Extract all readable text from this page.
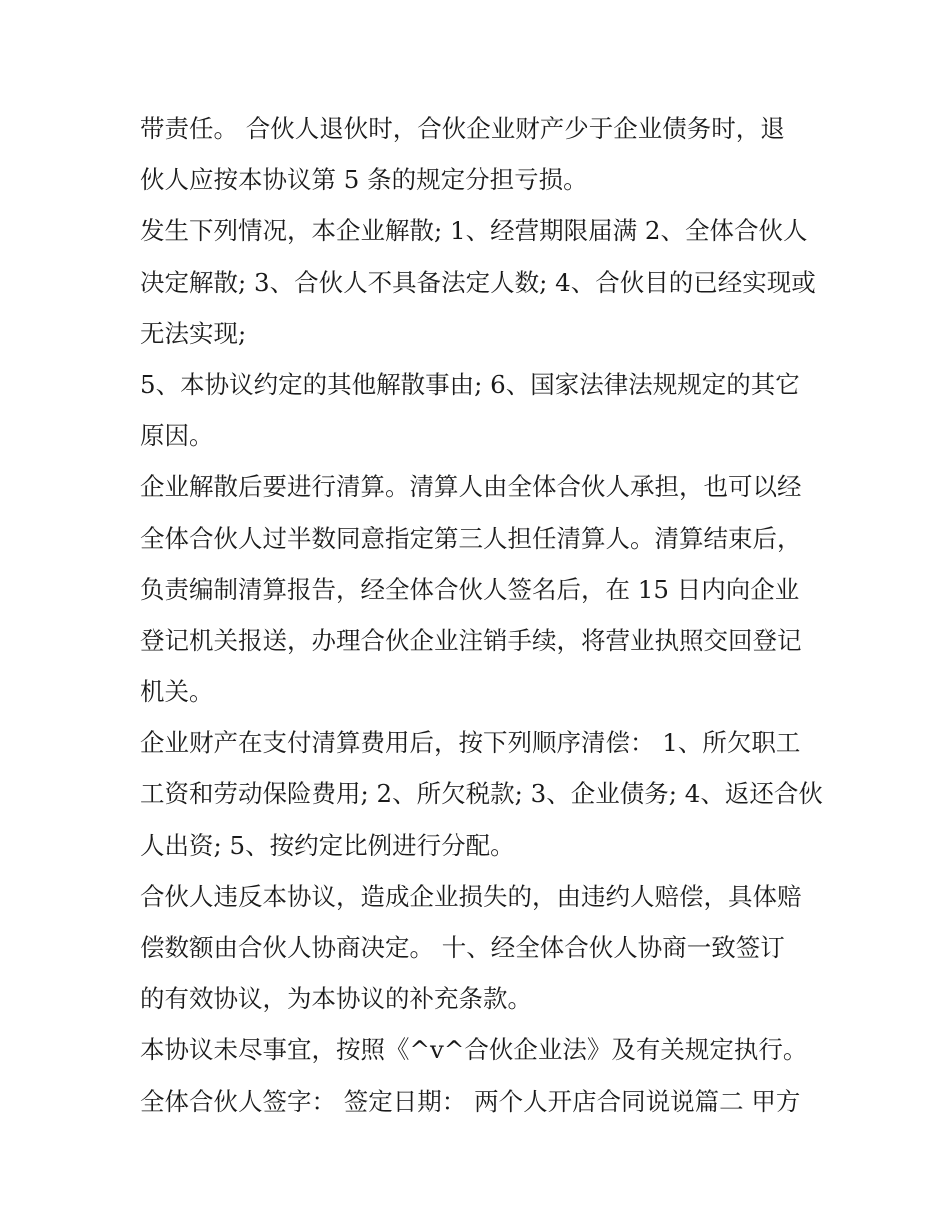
带责任。 合伙人退伙时，合伙企业财产少于企业债务时，退
伙人应按本协议第 5 条的规定分担亏损。
发生下列情况，本企业解散; 1、经营期限届满 2、全体合伙人
决定解散; 3、合伙人不具备法定人数; 4、合伙目的已经实现或
无法实现;
5、本协议约定的其他解散事由; 6、国家法律法规规定的其它
原因。
企业解散后要进行清算。清算人由全体合伙人承担，也可以经
全体合伙人过半数同意指定第三人担任清算人。清算结束后，
负责编制清算报告，经全体合伙人签名后，在 15 日内向企业
登记机关报送，办理合伙企业注销手续，将营业执照交回登记
机关。
企业财产在支付清算费用后，按下列顺序清偿： 1、所欠职工
工资和劳动保险费用; 2、所欠税款; 3、企业债务; 4、返还合伙
人出资; 5、按约定比例进行分配。
合伙人违反本协议，造成企业损失的，由违约人赔偿，具体赔
偿数额由合伙人协商决定。 十、经全体合伙人协商一致签订
的有效协议，为本协议的补充条款。
本协议未尽事宜，按照《^v^合伙企业法》及有关规定执行。
全体合伙人签字： 签定日期： 两个人开店合同说说篇二 甲方
